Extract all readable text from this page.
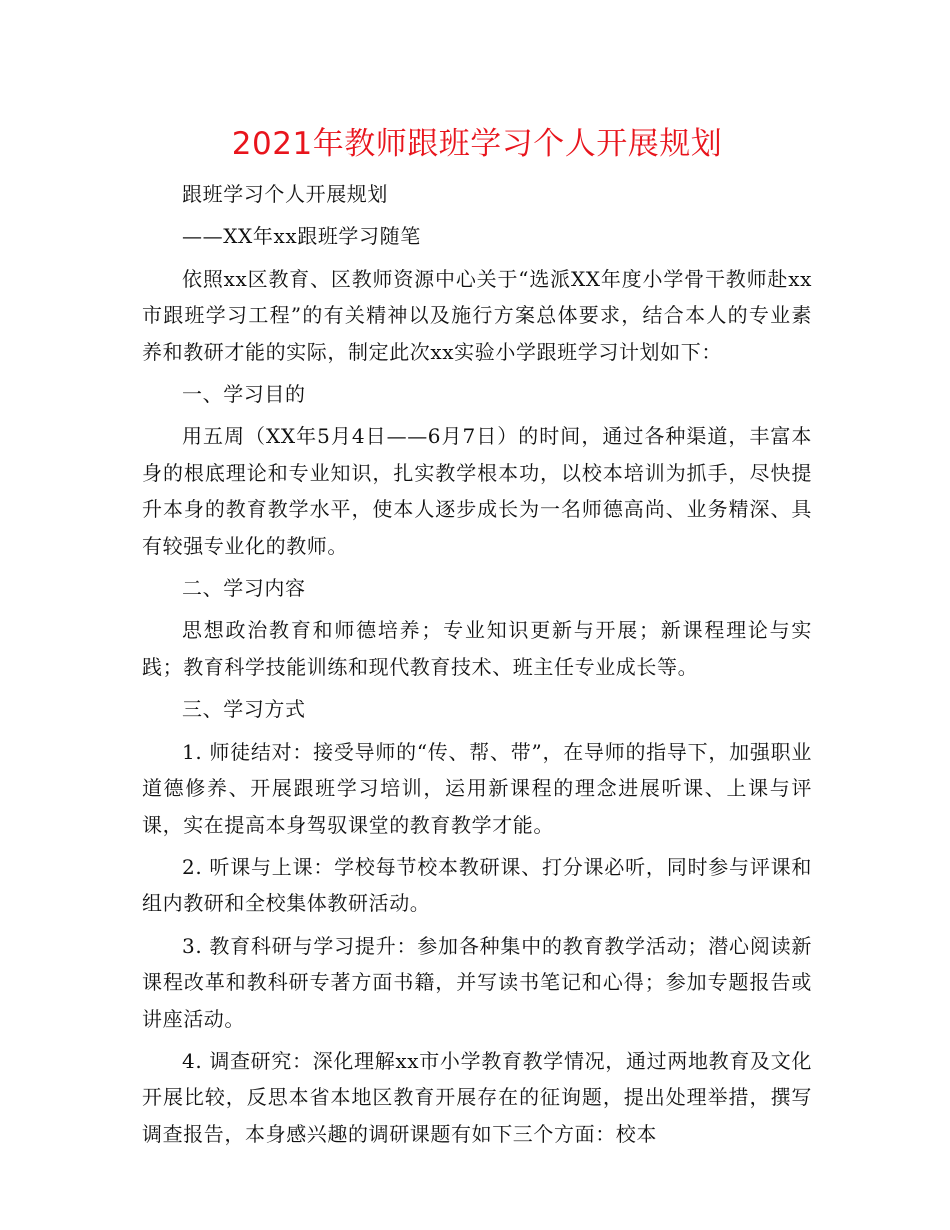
2021年教师跟班学习个人开展规划

跟班学习个人开展规划

——XX年xx跟班学习随笔

依照xx区教育、区教师资源中心关于“选派XX年度小学骨干教师赴xx市跟班学习工程”的有关精神以及施行方案总体要求，结合本人的专业素养和教研才能的实际，制定此次xx实验小学跟班学习计划如下：

一、学习目的

用五周（XX年5月4日——6月7日）的时间，通过各种渠道，丰富本身的根底理论和专业知识，扎实教学根本功，以校本培训为抓手，尽快提升本身的教育教学水平，使本人逐步成长为一名师德高尚、业务精深、具有较强专业化的教师。

二、学习内容

思想政治教育和师德培养；专业知识更新与开展；新课程理论与实践；教育科学技能训练和现代教育技术、班主任专业成长等。

三、学习方式

1. 师徒结对：接受导师的“传、帮、带”，在导师的指导下，加强职业道德修养、开展跟班学习培训，运用新课程的理念进展听课、上课与评课，实在提高本身驾驭课堂的教育教学才能。

2. 听课与上课：学校每节校本教研课、打分课必听，同时参与评课和组内教研和全校集体教研活动。

3. 教育科研与学习提升：参加各种集中的教育教学活动；潜心阅读新课程改革和教科研专著方面书籍，并写读书笔记和心得；参加专题报告或讲座活动。

4. 调查研究：深化理解xx市小学教育教学情况，通过两地教育及文化开展比较，反思本省本地区教育开展存在的征询题，提出处理举措，撰写调查报告，本身感兴趣的调研课题有如下三个方面：校本
